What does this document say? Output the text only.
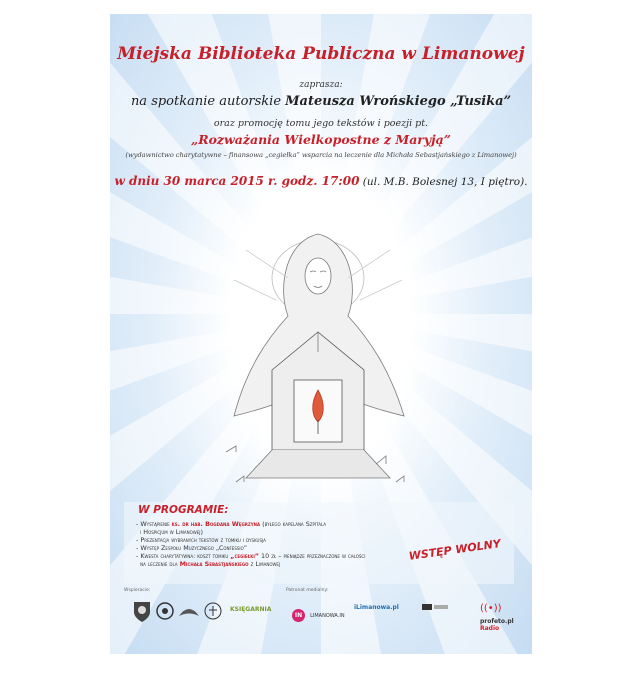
Miejska Biblioteka Publiczna w Limanowej
zaprasza:
na spotkanie autorskie Mateusza Wrońskiego „Tusika”
oraz promocję tomu jego tekstów i poezji pt.
„Rozważania Wielkopostne z Maryją”
(wydawnictwo charytatywne – finansowa „cegiełka” wsparcia na leczenie dla Michała Sebastjańskiego z Limanowej)
w dniu 30 marca 2015 r. godz. 17:00 (ul. M.B. Bolesnej 13, I piętro).
W PROGRAMIE:
- Wystąpienie ks. dr hab. Bogdana Węgrzyna (byłego kapelana Szpitala
i Hospicjum w Limanowej)
- Prezentacja wybranych tekstów z tomiku i dyskusja
- Występ Zespołu Muzycznego „Confessio”
- Kwesta charytatywna: koszt tomiku „cegiełki” 10 zł – pieniądze przeznaczone w całości
na leczenie dla Michała Sebastjańskiego z Limanowej
WSTĘP WOLNY
Wspieracie:	Patronat medialny:
KSIĘGARNIA
IN LIMANOWA.IN
iLimanowa.pl	((•)) Radio
profeto.pl
